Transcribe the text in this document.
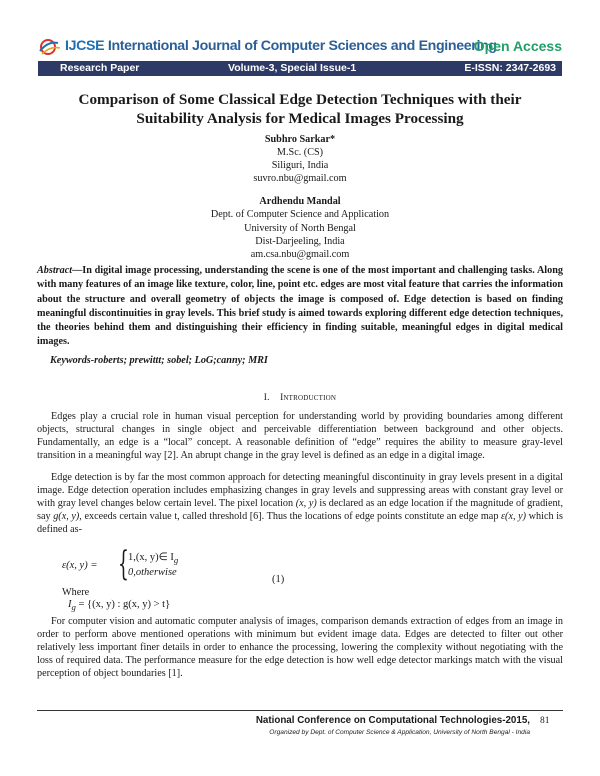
IJCSE International Journal of Computer Sciences and Engineering
Open Access
Research Paper	Volume-3, Special Issue-1	E-ISSN: 2347-2693
Comparison of Some Classical Edge Detection Techniques with their
Suitability Analysis for Medical Images Processing
Subhro Sarkar*
M.Sc. (CS)
Siliguri, India
suvro.nbu@gmail.com
Ardhendu Mandal
Dept. of Computer Science and Application
University of North Bengal
Dist-Darjeeling, India
am.csa.nbu@gmail.com
Abstract—In digital image processing, understanding the scene is one of the most important and challenging tasks. Along with many features of an image like texture, color, line, point etc. edges are most vital feature that carries the information about the structure and overall geometry of objects the image is composed of. Edge detection is based on finding meaningful discontinuities in gray levels. This brief study is aimed towards exploring different edge detection techniques, the theories behind them and distinguishing their efficiency in finding suitable, meaningful edges in digital medical images.
Keywords-roberts; prewittt; sobel; LoG;canny; MRI
I. Introduction

Edges play a crucial role in human visual perception for understanding world by providing boundaries among different objects, structural changes in single object and perceivable differentiation between background and other objects. Fundamentally, an edge is a “local” concept. A reasonable definition of “edge” requires the ability to measure gray-level transition in a meaningful way [2]. An abrupt change in the gray level is defined as an edge in a digital image.

Edge detection is by far the most common approach for detecting meaningful discontinuity in gray levels present in a digital image. Edge detection operation includes emphasizing changes in gray levels and suppressing areas with constant gray level or with gray level changes below certain level. The pixel location (x, y) is declared as an edge location if the magnitude of gradient, say g(x, y), exceeds certain value t, called threshold [6]. Thus the locations of edge points constitute an edge map ε(x, y) which is defined as-

ε(x, y) = { 1,(x, y)∈ $I_g$
0,otherwise
(1)
Where
$I_g = \{(x$, y) : g(x, y) > t}

For computer vision and automatic computer analysis of images, comparison demands extraction of edges from an image in order to perform above mentioned operations with minimum but evident image data. Edges are detected to filter out other relatively less important finer details in order to enhance the processing, lowering the complexity without negotiating with the loss of required data. The performance measure for the edge detection is how well edge detector markings match with the visual perception of object boundaries [1].

National Conference on Computational Technologies-2015,
Organized by Dept. of Computer Science & Application, University of North Bengal - India
81
